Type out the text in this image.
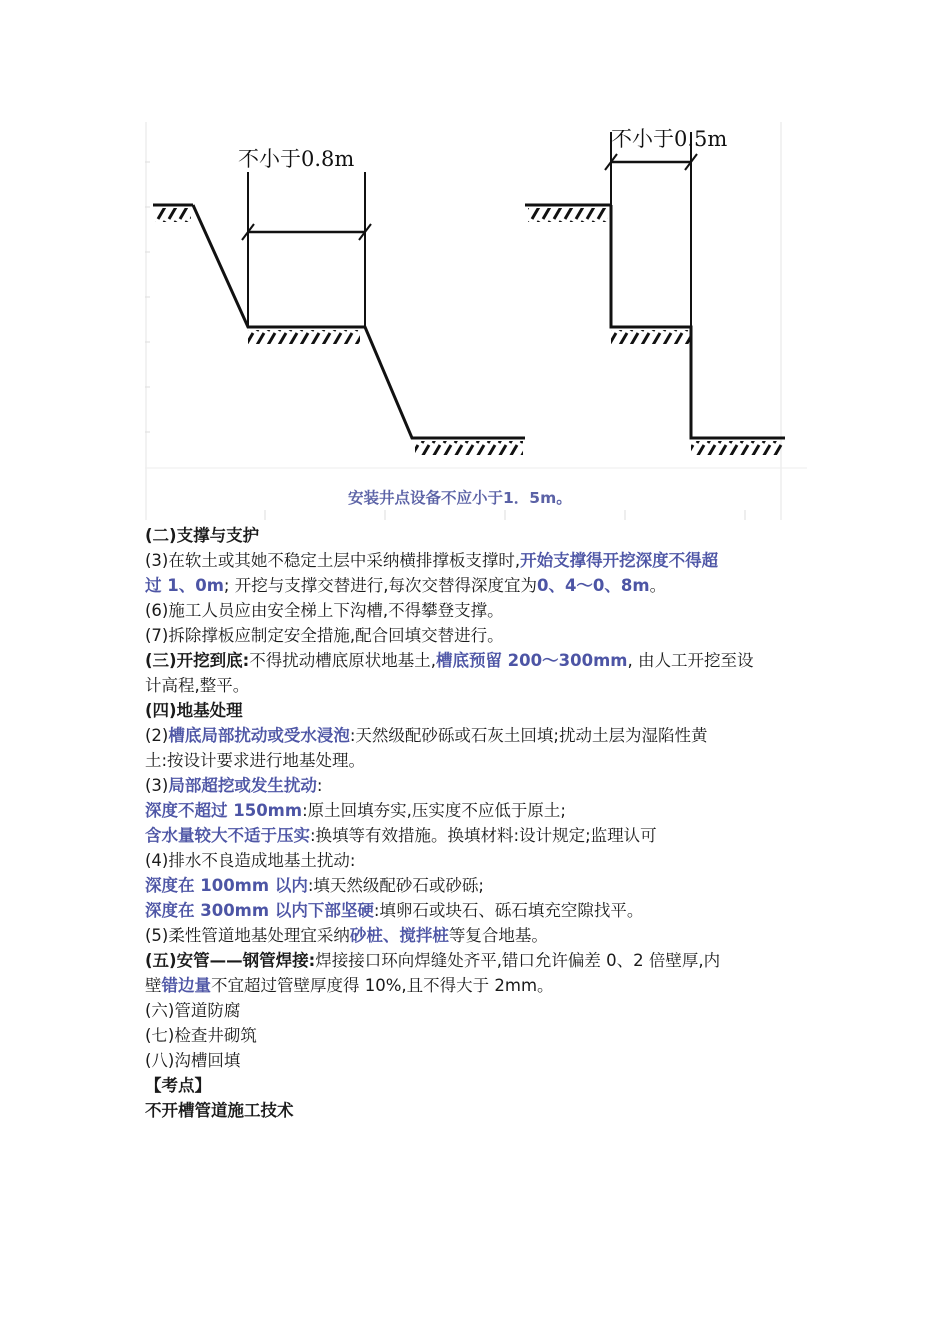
不小于0.8m
不小于0.5m
安装井点设备不应小于1．5m。

(二)支撑与支护

(3)在软土或其她不稳定土层中采纳横排撑板支撑时,开始支撑得开挖深度不得超

过 1、0m; 开挖与支撑交替进行,每次交替得深度宜为0、4～0、8m。

(6)施工人员应由安全梯上下沟槽,不得攀登支撑。

(7)拆除撑板应制定安全措施,配合回填交替进行。

(三)开挖到底:不得扰动槽底原状地基土,槽底预留 200～300mm, 由人工开挖至设

计高程,整平。

(四)地基处理

(2)槽底局部扰动或受水浸泡:天然级配砂砾或石灰土回填;扰动土层为湿陷性黄

土:按设计要求进行地基处理。

(3)局部超挖或发生扰动:

深度不超过 150mm:原土回填夯实,压实度不应低于原土;

含水量较大不适于压实:换填等有效措施。换填材料:设计规定;监理认可

(4)排水不良造成地基土扰动:

深度在 100mm 以内:填天然级配砂石或砂砾;

深度在 300mm 以内下部坚硬:填卵石或块石、砾石填充空隙找平。

(5)柔性管道地基处理宜采纳砂桩、搅拌桩等复合地基。

(五)安管——钢管焊接:焊接接口环向焊缝处齐平,错口允许偏差 0、2 倍壁厚,内

壁错边量不宜超过管壁厚度得 10%,且不得大于 2mm。

(六)管道防腐

(七)检查井砌筑

(八)沟槽回填

【考点】

不开槽管道施工技术
